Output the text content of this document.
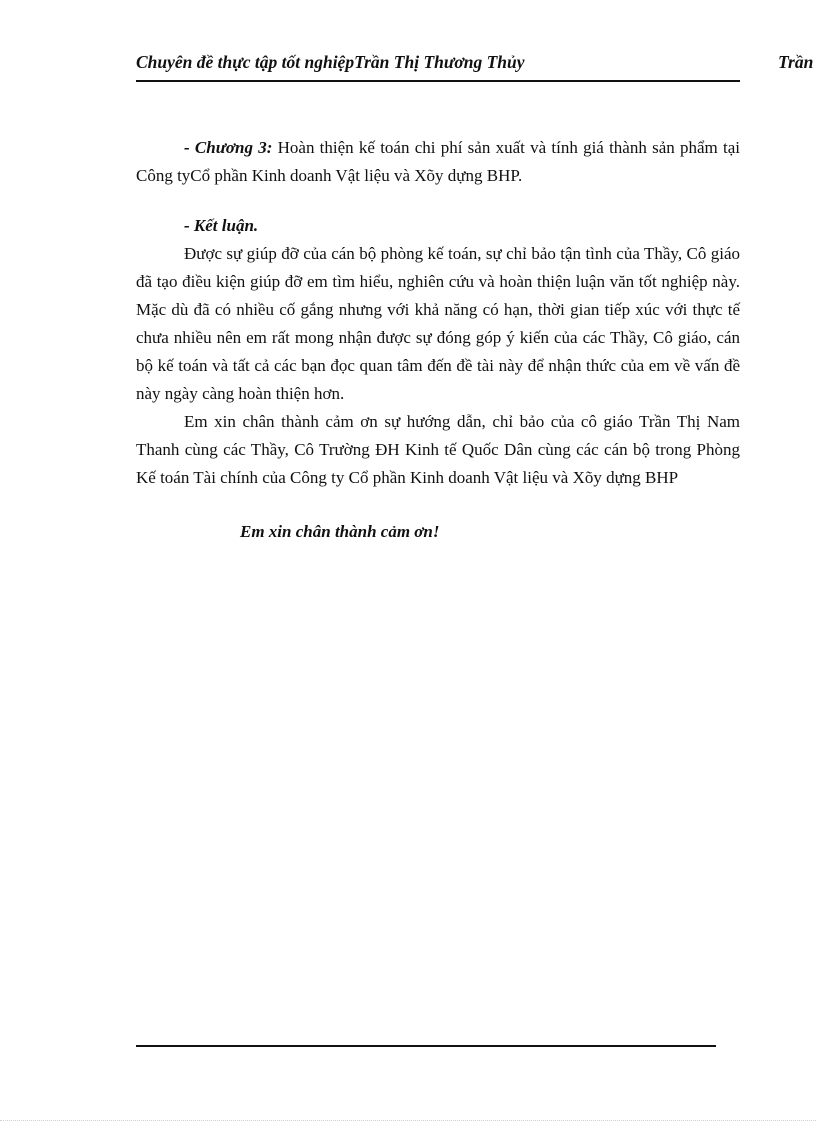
Chuyên đề thực tập tốt nghiệpTrần Thị Thương Thủy	Trần

- Chương 3: Hoàn thiện kế toán chi phí sản xuất và tính giá thành sản phẩm tại Công tyCổ phần Kinh doanh Vật liệu và Xõy dựng BHP.

- Kết luận.

Được sự giúp đỡ của cán bộ phòng kế toán, sự chỉ bảo tận tình của Thầy, Cô giáo đã tạo điều kiện giúp đỡ em tìm hiểu, nghiên cứu và hoàn thiện luận văn tốt nghiệp này. Mặc dù đã có nhiều cố gắng nhưng với khả năng có hạn, thời gian tiếp xúc với thực tế chưa nhiều nên em rất mong nhận được sự đóng góp ý kiến của các Thầy, Cô giáo, cán bộ kế toán và tất cả các bạn đọc quan tâm đến đề tài này để nhận thức của em về vấn đề này ngày càng hoàn thiện hơn.

Em xin chân thành cảm ơn sự hướng dẫn, chỉ bảo của cô giáo Trần Thị Nam Thanh cùng các Thầy, Cô Trường ĐH Kinh tế Quốc Dân cùng các cán bộ trong Phòng Kế toán Tài chính của Công ty Cổ phần Kinh doanh Vật liệu và Xõy dựng BHP

Em xin chân thành cảm ơn!
